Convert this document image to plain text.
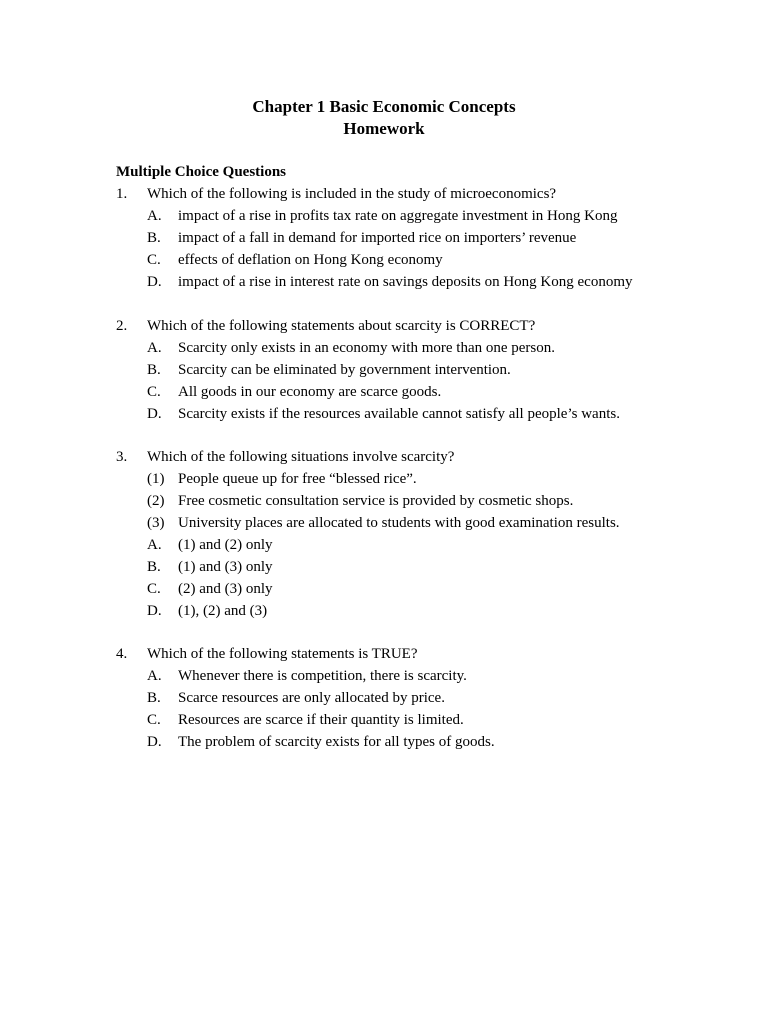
Chapter 1 Basic Economic Concepts
Homework
Multiple Choice Questions
1. Which of the following is included in the study of microeconomics?
A. impact of a rise in profits tax rate on aggregate investment in Hong Kong
B. impact of a fall in demand for imported rice on importers’ revenue
C. effects of deflation on Hong Kong economy
D. impact of a rise in interest rate on savings deposits on Hong Kong economy
2. Which of the following statements about scarcity is CORRECT?
A. Scarcity only exists in an economy with more than one person.
B. Scarcity can be eliminated by government intervention.
C. All goods in our economy are scarce goods.
D. Scarcity exists if the resources available cannot satisfy all people’s wants.
3. Which of the following situations involve scarcity?
(1) People queue up for free “blessed rice”.
(2) Free cosmetic consultation service is provided by cosmetic shops.
(3) University places are allocated to students with good examination results.
A. (1) and (2) only
B. (1) and (3) only
C. (2) and (3) only
D. (1), (2) and (3)
4. Which of the following statements is TRUE?
A. Whenever there is competition, there is scarcity.
B. Scarce resources are only allocated by price.
C. Resources are scarce if their quantity is limited.
D. The problem of scarcity exists for all types of goods.
